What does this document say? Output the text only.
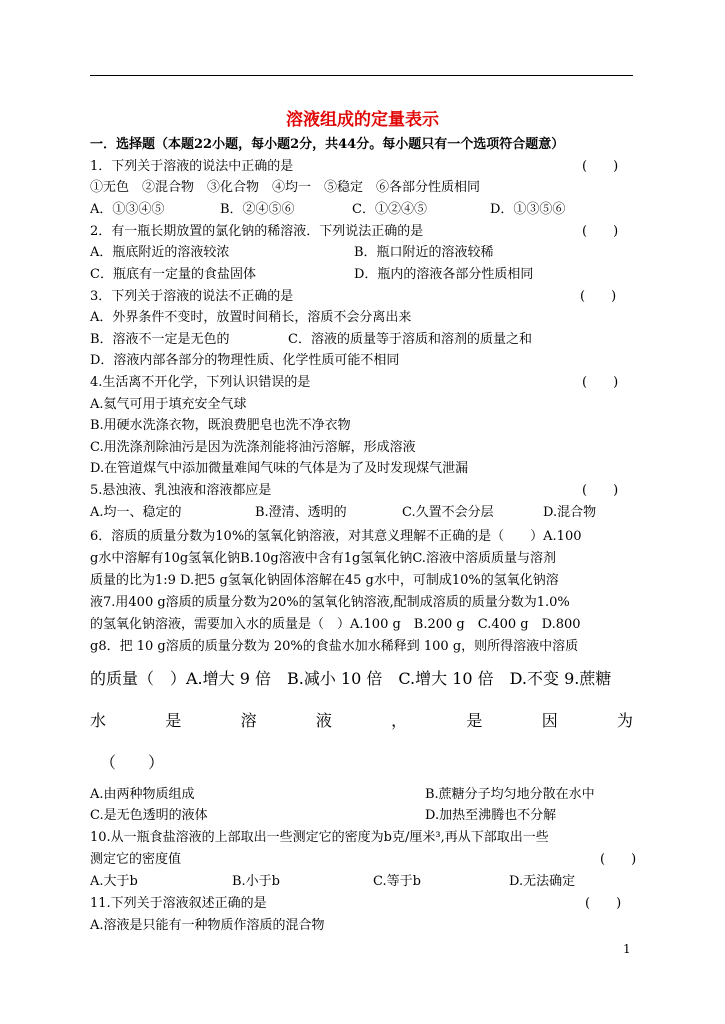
溶液组成的定量表示
一．选择题（本题22小题，每小题2分，共44分。每小题只有一个选项符合题意）
1．下列关于溶液的说法中正确的是	(　　)
①无色　②混合物　③化合物　④均一　⑤稳定　⑥各部分性质相同
A．①③④⑤	B．②④⑤⑥	C．①②④⑤	D．①③⑤⑥
2．有一瓶长期放置的氯化钠的稀溶液．下列说法正确的是	(　　)
A．瓶底附近的溶液较浓	B．瓶口附近的溶液较稀
C．瓶底有一定量的食盐固体	D．瓶内的溶液各部分性质相同
3．下列关于溶液的说法不正确的是	(　　)
A．外界条件不变时，放置时间稍长，溶质不会分离出来
B．溶液不一定是无色的	C．溶液的质量等于溶质和溶剂的质量之和
D．溶液内部各部分的物理性质、化学性质可能不相同
4.生活离不开化学，下列认识错误的是	(　　)
A.氦气可用于填充安全气球
B.用硬水洗涤衣物，既浪费肥皂也洗不净衣物
C.用洗涤剂除油污是因为洗涤剂能将油污溶解，形成溶液
D.在管道煤气中添加微量难闻气味的气体是为了及时发现煤气泄漏
5.悬浊液、乳浊液和溶液都应是	(　　)
A.均一、稳定的	B.澄清、透明的	C.久置不会分层	D.混合物
6．溶质的质量分数为10%的氢氧化钠溶液，对其意义理解不正确的是（　　）A.100
g水中溶解有10g氢氧化钠B.10g溶液中含有1g氢氧化钠C.溶液中溶质质量与溶剂
质量的比为1:9 D.把5 g氢氧化钠固体溶解在45 g水中，可制成10%的氢氧化钠溶
液7.用400 g溶质的质量分数为20%的氢氧化钠溶液,配制成溶质的质量分数为1.0%
的氢氧化钠溶液，需要加入水的质量是（　）A.100 g　B.200 g　C.400 g　D.800
g8．把 10 g溶质的质量分数为 20%的食盐水加水稀释到 100 g，则所得溶液中溶质
的质量（　）A.增大 9 倍　B.减小 10 倍　C.增大 10 倍　D.不变 9.蔗糖
水	是	溶	液	，	是	因	为
（　　）
A.由两种物质组成	B.蔗糖分子均匀地分散在水中
C.是无色透明的液体	D.加热至沸腾也不分解
10.从一瓶食盐溶液的上部取出一些测定它的密度为b克/厘米³,再从下部取出一些
测定它的密度值	(　　)
A.大于b	B.小于b	C.等于b	D.无法确定
11.下列关于溶液叙述正确的是	(　　)
A.溶液是只能有一种物质作溶质的混合物
1
